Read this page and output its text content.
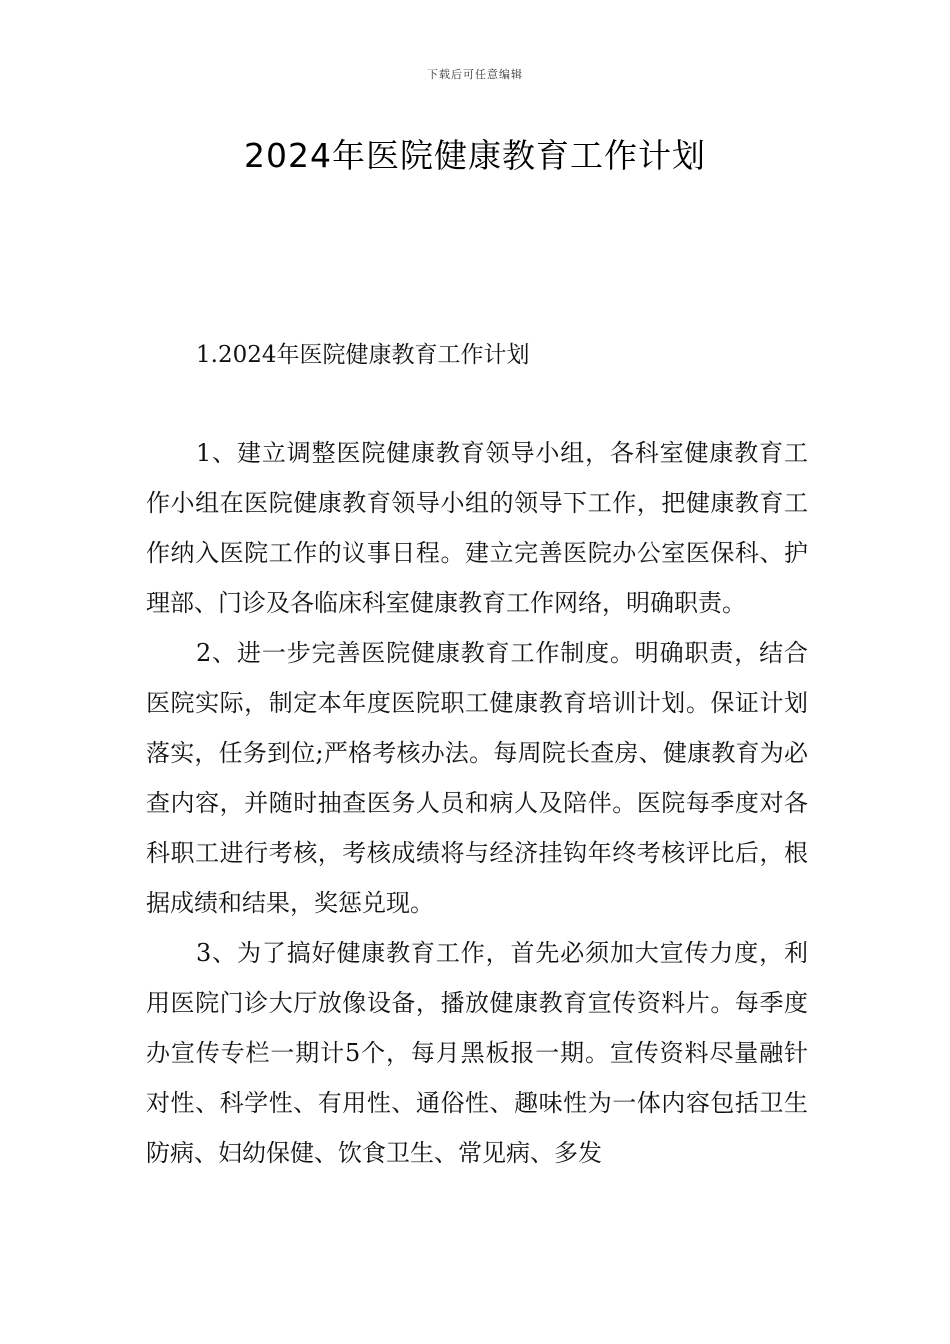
下载后可任意编辑
2024年医院健康教育工作计划
1.2024年医院健康教育工作计划

1、建立调整医院健康教育领导小组，各科室健康教育工作小组在医院健康教育领导小组的领导下工作，把健康教育工作纳入医院工作的议事日程。建立完善医院办公室医保科、护理部、门诊及各临床科室健康教育工作网络，明确职责。

2、进一步完善医院健康教育工作制度。明确职责，结合医院实际，制定本年度医院职工健康教育培训计划。保证计划落实，任务到位;严格考核办法。每周院长查房、健康教育为必查内容，并随时抽查医务人员和病人及陪伴。医院每季度对各科职工进行考核，考核成绩将与经济挂钩年终考核评比后，根据成绩和结果，奖惩兑现。

3、为了搞好健康教育工作，首先必须加大宣传力度，利用医院门诊大厅放像设备，播放健康教育宣传资料片。每季度办宣传专栏一期计5个，每月黑板报一期。宣传资料尽量融针对性、科学性、有用性、通俗性、趣味性为一体内容包括卫生防病、妇幼保健、饮食卫生、常见病、多发
